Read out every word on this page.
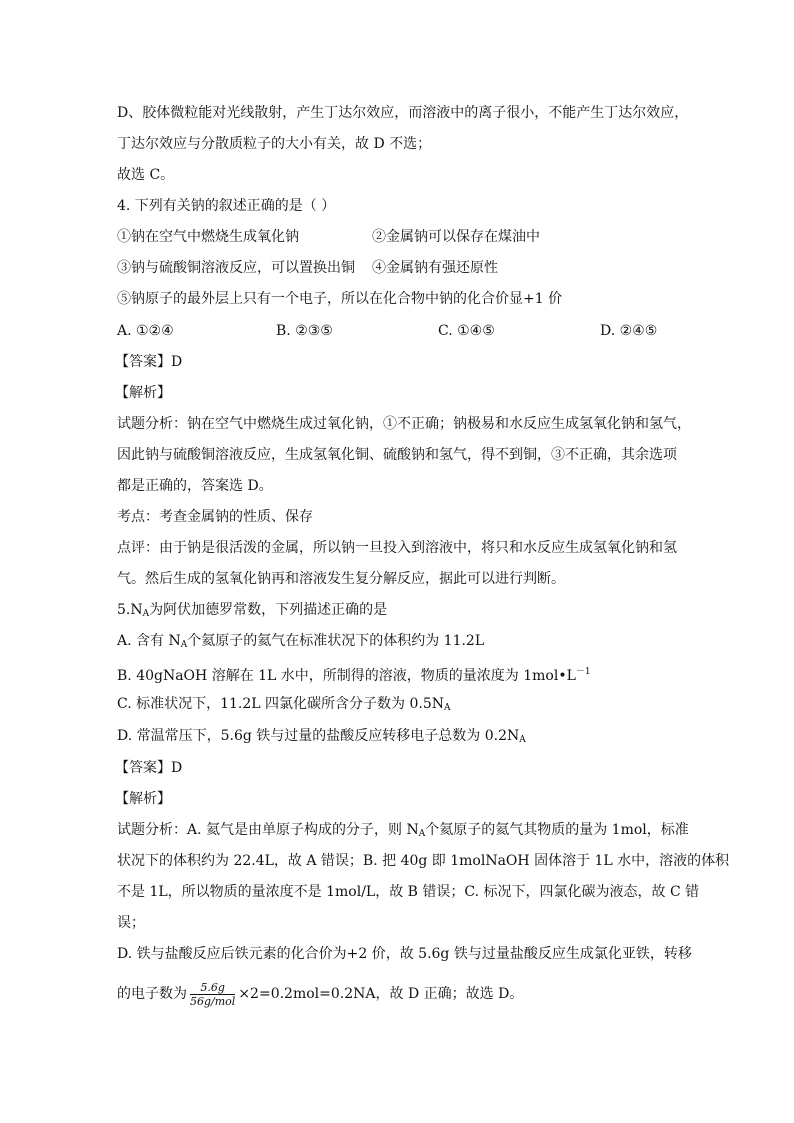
D、胶体微粒能对光线散射，产生丁达尔效应，而溶液中的离子很小，不能产生丁达尔效应，
丁达尔效应与分散质粒子的大小有关，故 D 不选；
故选 C。
4. 下列有关钠的叙述正确的是（ ）
①钠在空气中燃烧生成氧化钠	②金属钠可以保存在煤油中
③钠与硫酸铜溶液反应，可以置换出铜 ④金属钠有强还原性
⑤钠原子的最外层上只有一个电子，所以在化合物中钠的化合价显+1 价
A. ①②④	B. ②③⑤	C. ①④⑤	D. ②④⑤
【答案】D
【解析】
试题分析：钠在空气中燃烧生成过氧化钠，①不正确；钠极易和水反应生成氢氧化钠和氢气，
因此钠与硫酸铜溶液反应，生成氢氧化铜、硫酸钠和氢气，得不到铜，③不正确，其余选项
都是正确的，答案选 D。
考点：考查金属钠的性质、保存
点评：由于钠是很活泼的金属，所以钠一旦投入到溶液中，将只和水反应生成氢氧化钠和氢
气。然后生成的氢氧化钠再和溶液发生复分解反应，据此可以进行判断。
$5.N_A$为阿伏加德罗常数，下列描述正确的是
A. 含有 $N_A$个氦原子的氦气在标准状况下的体积约为 11.2L
B. 40gNaOH 溶解在 1L 水中，所制得的溶液，物质的量浓度为 $1mol•L^{-1}$
C. 标准状况下，11.2L 四氯化碳所含分子数为 $0.5N_A$
D. 常温常压下，5.6g 铁与过量的盐酸反应转移电子总数为 $0.2N_A$
【答案】D
【解析】
试题分析：A. 氦气是由单原子构成的分子，则 $N_A$个氦原子的氦气其物质的量为 1mol，标准
状况下的体积约为 22.4L，故 A 错误；B. 把 40g 即 1molNaOH 固体溶于 1L 水中，溶液的体积
不是 1L，所以物质的量浓度不是 1mol/L，故 B 错误；C. 标况下，四氯化碳为液态，故 C 错
误；
D. 铁与盐酸反应后铁元素的化合价为+2 价，故 5.6g 铁与过量盐酸反应生成氯化亚铁，转移
的电子数为 $\frac{5.6g}{\text{56g/mol}} \times 2=0.2mol=0.2NA$，故 D 正确；故选 D。
